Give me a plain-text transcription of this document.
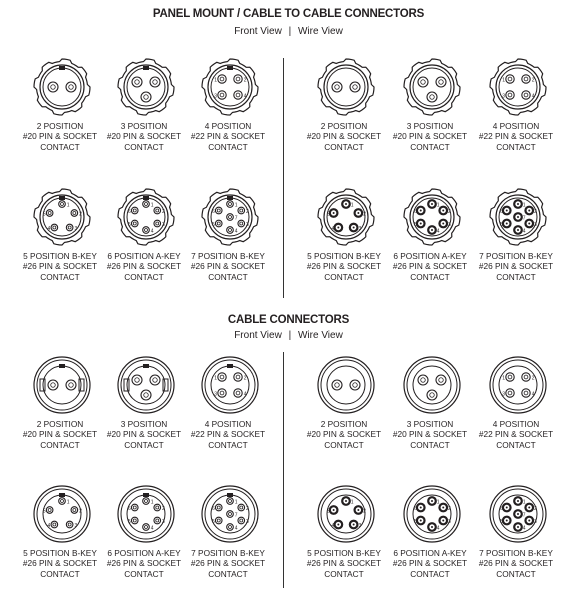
PANEL MOUNT / CABLE TO CABLE CONNECTORS
Front View | Wire View
CABLE CONNECTORS
Front View | Wire View
2 POSITION
#20 PIN & SOCKET
CONTACT
3 POSITION
#20 PIN & SOCKET
CONTACT
1	2
3	4
4 POSITION
#22 PIN & SOCKET
CONTACT
1
2
3
4
5
5 POSITION B-KEY
#26 PIN & SOCKET
CONTACT
1
2
3
4
5
6
6 POSITION A-KEY
#26 PIN & SOCKET
CONTACT
1
2
3
4
5
6
7
7 POSITION B-KEY
#26 PIN & SOCKET
CONTACT
2 POSITION
#20 PIN & SOCKET
CONTACT
3 POSITION
#20 PIN & SOCKET
CONTACT
1	2
3	4
4 POSITION
#22 PIN & SOCKET
CONTACT
1
2
3
4
5
5 POSITION B-KEY
#26 PIN & SOCKET
CONTACT
1
2
3
4
5
6
6 POSITION A-KEY
#26 PIN & SOCKET
CONTACT
1
2
3
4
5
6
7
7 POSITION B-KEY
#26 PIN & SOCKET
CONTACT
2 POSITION
#20 PIN & SOCKET
CONTACT
3 POSITION
#20 PIN & SOCKET
CONTACT
1	2
3	4
4 POSITION
#22 PIN & SOCKET
CONTACT
1
2
3
4
5
5 POSITION B-KEY
#26 PIN & SOCKET
CONTACT
1
2
3
4
5
6
6 POSITION A-KEY
#26 PIN & SOCKET
CONTACT
1
2
3
4
5
6
7
7 POSITION B-KEY
#26 PIN & SOCKET
CONTACT
2 POSITION
#20 PIN & SOCKET
CONTACT
3 POSITION
#20 PIN & SOCKET
CONTACT
1	2
3	4
4 POSITION
#22 PIN & SOCKET
CONTACT
1
2
3
4
5
5 POSITION B-KEY
#26 PIN & SOCKET
CONTACT
1
2
3
4
5
6
6 POSITION A-KEY
#26 PIN & SOCKET
CONTACT
1
2
3
4
5
6
7
7 POSITION B-KEY
#26 PIN & SOCKET
CONTACT
